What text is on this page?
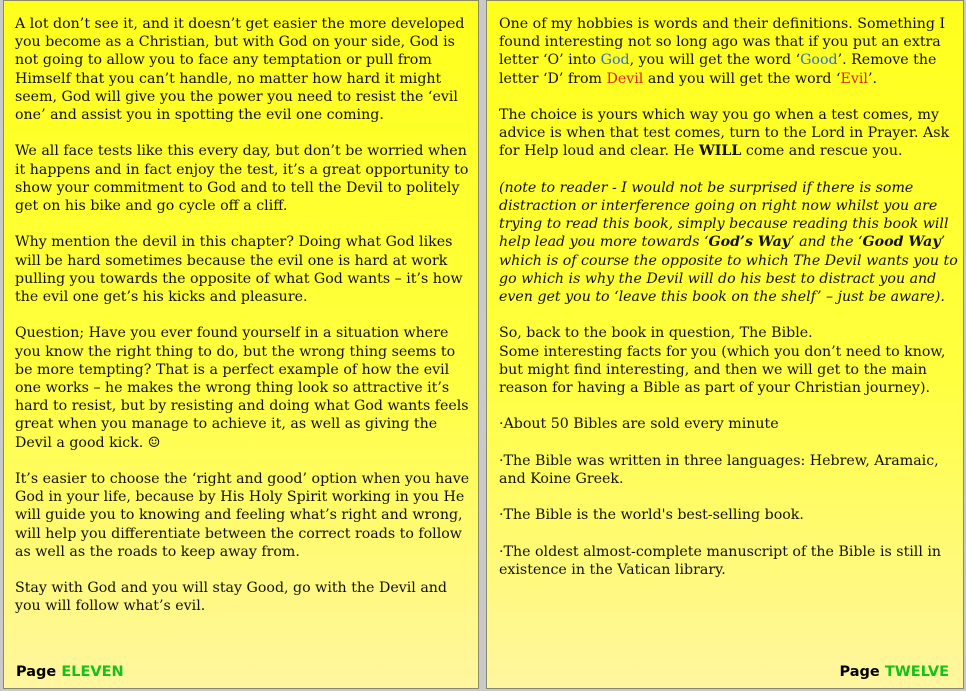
A lot don’t see it, and it doesn’t get easier the more developed you become as a Christian, but with God on your side, God is not going to allow you to face any temptation or pull from Himself that you can’t handle, no matter how hard it might seem, God will give you the power you need to resist the ‘evil one’ and assist you in spotting the evil one coming.

We all face tests like this every day, but don’t be worried when it happens and in fact enjoy the test, it’s a great opportunity to show your commitment to God and to tell the Devil to politely get on his bike and go cycle off a cliff.

Why mention the devil in this chapter? Doing what God likes will be hard sometimes because the evil one is hard at work pulling you towards the opposite of what God wants – it’s how the evil one get’s his kicks and pleasure.

Question; Have you ever found yourself in a situation where you know the right thing to do, but the wrong thing seems to be more tempting? That is a perfect example of how the evil one works – he makes the wrong thing look so attractive it’s hard to resist, but by resisting and doing what God wants feels great when you manage to achieve it, as well as giving the Devil a good kick. ☺

It’s easier to choose the ‘right and good’ option when you have God in your life, because by His Holy Spirit working in you He will guide you to knowing and feeling what’s right and wrong, will help you differentiate between the correct roads to follow as well as the roads to keep away from.

Stay with God and you will stay Good, go with the Devil and you will follow what’s evil.

Page ELEVEN

One of my hobbies is words and their definitions. Something I found interesting not so long ago was that if you put an extra letter ‘O’ into God, you will get the word ‘Good’. Remove the letter ‘D’ from Devil and you will get the word ‘Evil’.

The choice is yours which way you go when a test comes, my advice is when that test comes, turn to the Lord in Prayer. Ask for Help loud and clear. He WILL come and rescue you.

(note to reader - I would not be surprised if there is some distraction or interference going on right now whilst you are trying to read this book, simply because reading this book will help lead you more towards ‘God’s Way’ and the ‘Good Way’ which is of course the opposite to which The Devil wants you to go which is why the Devil will do his best to distract you and even get you to ‘leave this book on the shelf’ – just be aware).

So, back to the book in question, The Bible.

Some interesting facts for you (which you don’t need to know, but might find interesting, and then we will get to the main reason for having a Bible as part of your Christian journey).

·About 50 Bibles are sold every minute

·The Bible was written in three languages: Hebrew, Aramaic, and Koine Greek.

·The Bible is the world's best-selling book.

·The oldest almost-complete manuscript of the Bible is still in existence in the Vatican library.

Page TWELVE
